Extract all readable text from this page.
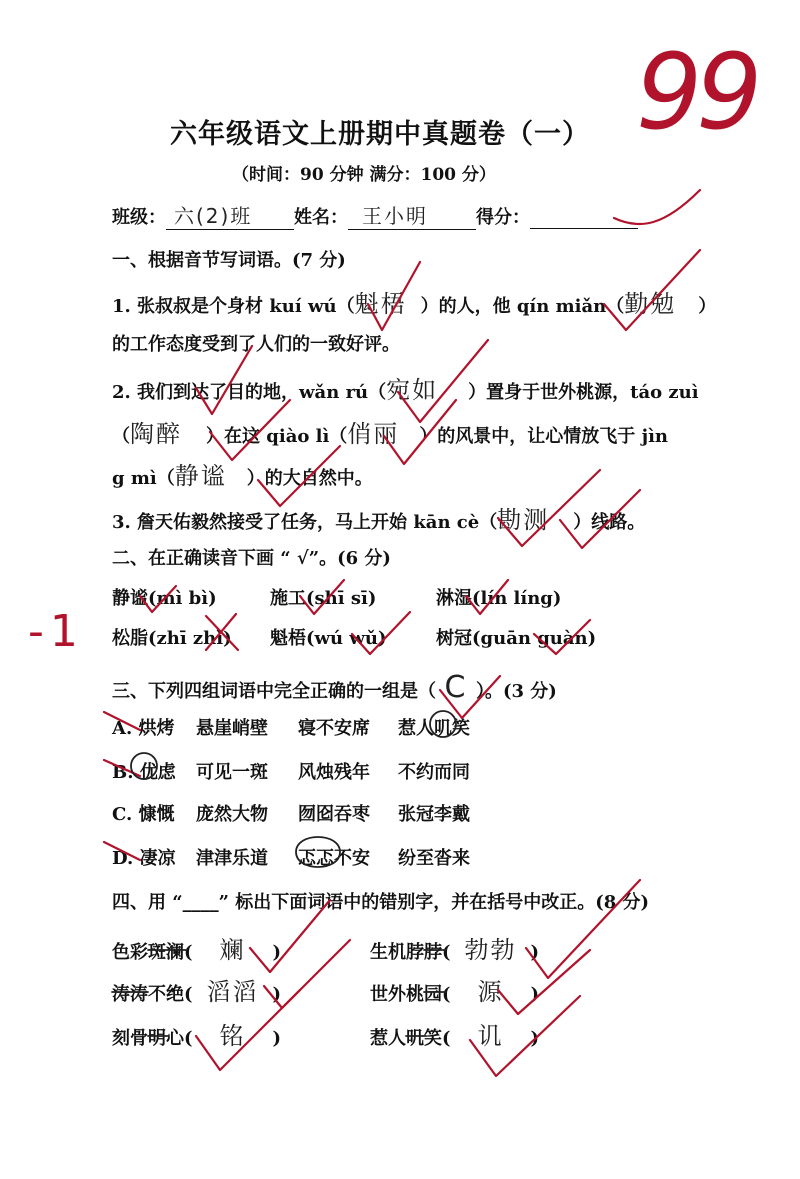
六年级语文上册期中真题卷（一）
（时间：90 分钟 满分：100 分）
班级： 六(2)班 姓名： 王小明	得分：
一、根据音节写词语。(7 分)
1. 张叔叔是个身材 kuí wú（魁梧 ）的人，他 qín miǎn（勤勉 ）
的工作态度受到了人们的一致好评。
2. 我们到达了目的地，wǎn rú（宛如 ）置身于世外桃源，táo zuì
（陶醉 ）在这 qiào lì（俏丽 ）的风景中，让心情放飞于 jìn
g mì（静谧 ）的大自然中。
3. 詹天佑毅然接受了任务，马上开始 kān cè（勘测 ）线路。
二、在正确读音下画 “ √”。(6 分)
静谧(mì bì)	施工(shī sī)	淋湿(lín líng)
松脂(zhī zhǐ) 魁梧(wú wǔ)	树冠(guān guàn)
-1
三、下列四组词语中完全正确的一组是（ C ）。(3 分)
A. 烘烤 悬崖峭壁 寝不安席 惹人叽笑
B. 优虑 可见一斑 风烛残年 不约而同
C. 慷慨 庞然大物 囫囵吞枣 张冠李戴
D. 凄凉 津津乐道 忑忑不安 纷至沓来
四、用 “____” 标出下面词语中的错别字，并在括号中改正。(8 分)
色彩斑澜( 斓 )	生机脖脖( 勃勃 )
涛涛不绝( 滔滔 )	世外桃园( 源 )
刻骨明心( 铭 )	惹人叽笑( 讥 )
99
